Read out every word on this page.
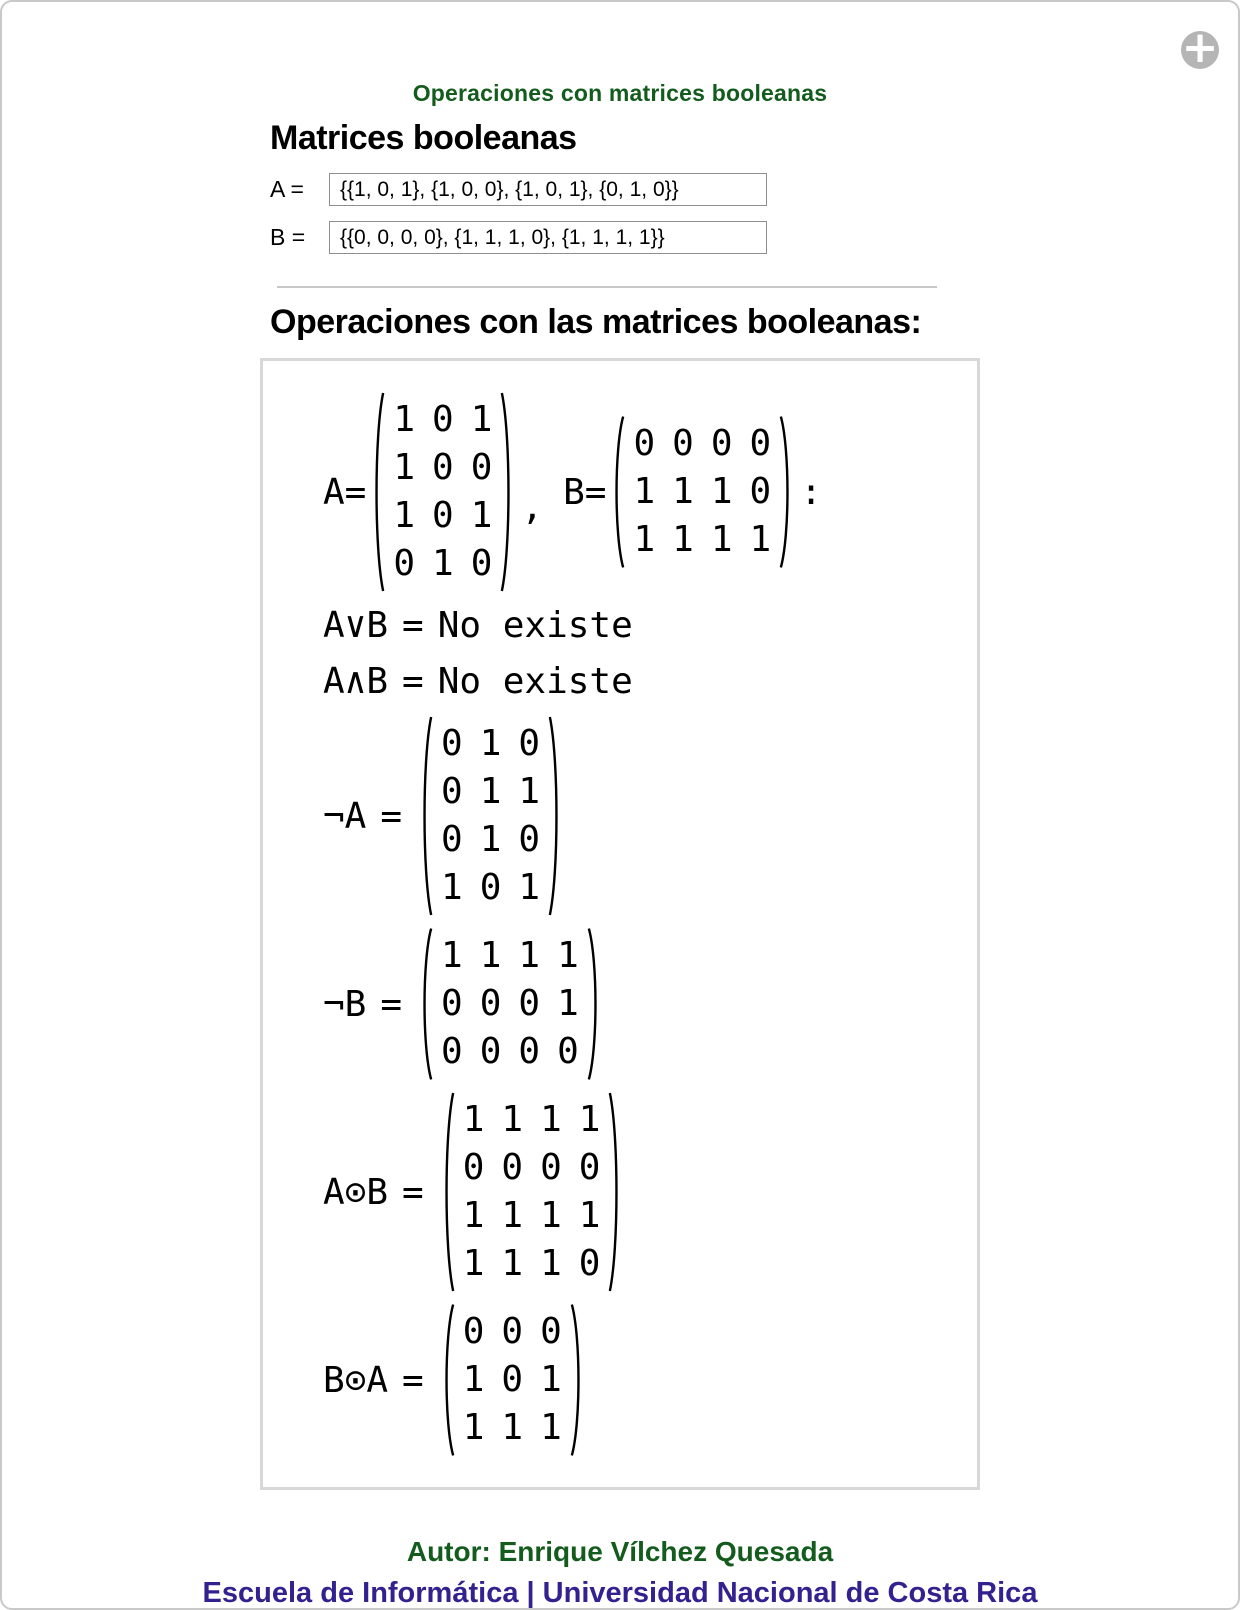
+
Operaciones con matrices booleanas
Matrices booleanas
A =
{{1, 0, 1}, {1, 0, 0}, {1, 0, 1}, {0, 1, 0}}
B =
{{0, 0, 0, 0}, {1, 1, 1, 0}, {1, 1, 1, 1}}
Operaciones con las matrices booleanas:
A=
1 0 1
1 0 0
1 0 1
0 1 0
, B=
0 0 0 0
1 1 1 0
1 1 1 1
:
A∨B = No existe
A∧B = No existe
¬A =
0 1 0
0 1 1
0 1 0
1 0 1
¬B =
1 1 1 1
0 0 0 1
0 0 0 0
A⊙B =
1 1 1 1
0 0 0 0
1 1 1 1
1 1 1 0
B⊙A =
0 0 0
1 0 1
1 1 1
Autor: Enrique Vílchez Quesada
Escuela de Informática | Universidad Nacional de Costa Rica
